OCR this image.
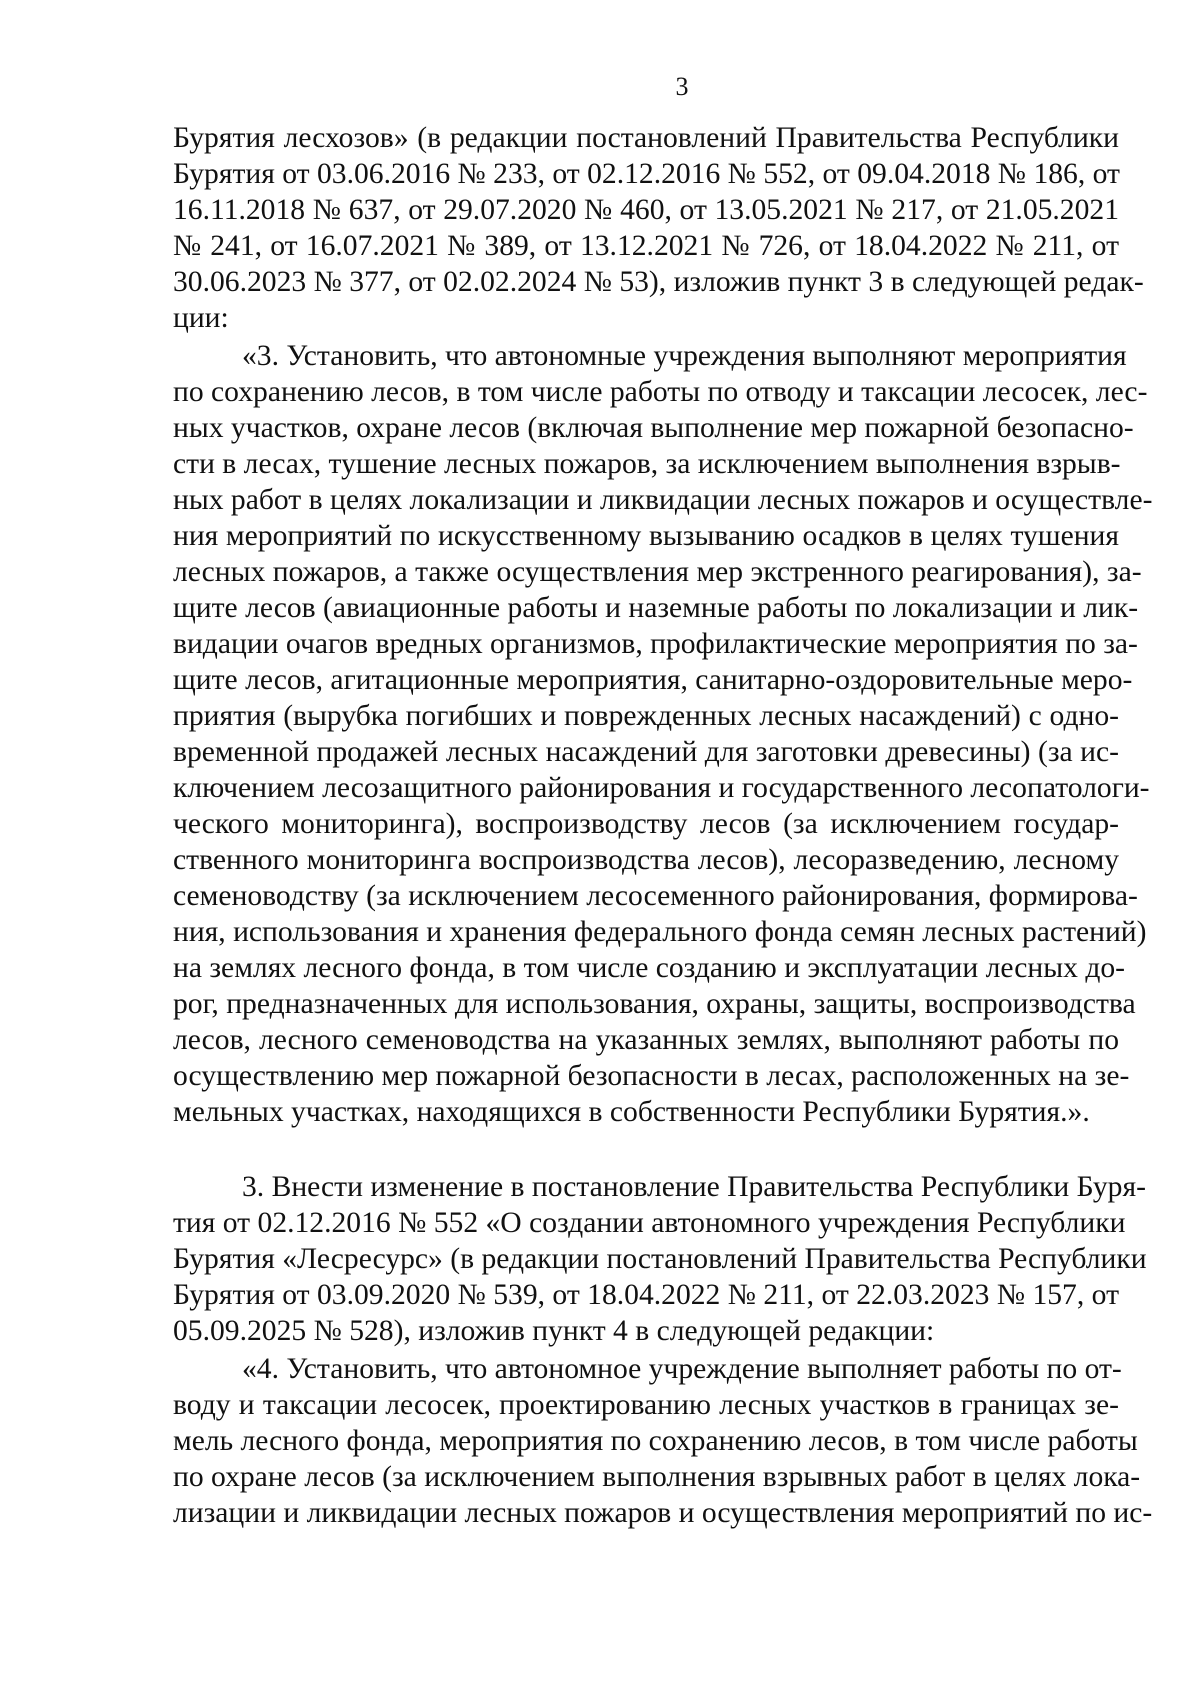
3
Бурятия лесхозов» (в редакции постановлений Правительства Республики
Бурятия от 03.06.2016 № 233, от 02.12.2016 № 552, от 09.04.2018 № 186, от
16.11.2018 № 637, от 29.07.2020 № 460, от 13.05.2021 № 217, от 21.05.2021
№ 241, от 16.07.2021 № 389, от 13.12.2021 № 726, от 18.04.2022 № 211, от
30.06.2023 № 377, от 02.02.2024 № 53), изложив пункт 3 в следующей редак-
ции:
«3. Установить, что автономные учреждения выполняют мероприятия
по сохранению лесов, в том числе работы по отводу и таксации лесосек, лес-
ных участков, охране лесов (включая выполнение мер пожарной безопасно-
сти в лесах, тушение лесных пожаров, за исключением выполнения взрыв-
ных работ в целях локализации и ликвидации лесных пожаров и осуществле-
ния мероприятий по искусственному вызыванию осадков в целях тушения
лесных пожаров, а также осуществления мер экстренного реагирования), за-
щите лесов (авиационные работы и наземные работы по локализации и лик-
видации очагов вредных организмов, профилактические мероприятия по за-
щите лесов, агитационные мероприятия, санитарно-оздоровительные меро-
приятия (вырубка погибших и поврежденных лесных насаждений) с одно-
временной продажей лесных насаждений для заготовки древесины) (за ис-
ключением лесозащитного районирования и государственного лесопатологи-
ческого мониторинга), воспроизводству лесов (за исключением государ-
ственного мониторинга воспроизводства лесов), лесоразведению, лесному
семеноводству (за исключением лесосеменного районирования, формирова-
ния, использования и хранения федерального фонда семян лесных растений)
на землях лесного фонда, в том числе созданию и эксплуатации лесных до-
рог, предназначенных для использования, охраны, защиты, воспроизводства
лесов, лесного семеноводства на указанных землях, выполняют работы по
осуществлению мер пожарной безопасности в лесах, расположенных на зе-
мельных участках, находящихся в собственности Республики Бурятия.».
3. Внести изменение в постановление Правительства Республики Буря-
тия от 02.12.2016 № 552 «О создании автономного учреждения Республики
Бурятия «Лесресурс» (в редакции постановлений Правительства Республики
Бурятия от 03.09.2020 № 539, от 18.04.2022 № 211, от 22.03.2023 № 157, от
05.09.2025 № 528), изложив пункт 4 в следующей редакции:
«4. Установить, что автономное учреждение выполняет работы по от-
воду и таксации лесосек, проектированию лесных участков в границах зе-
мель лесного фонда, мероприятия по сохранению лесов, в том числе работы
по охране лесов (за исключением выполнения взрывных работ в целях лока-
лизации и ликвидации лесных пожаров и осуществления мероприятий по ис-
